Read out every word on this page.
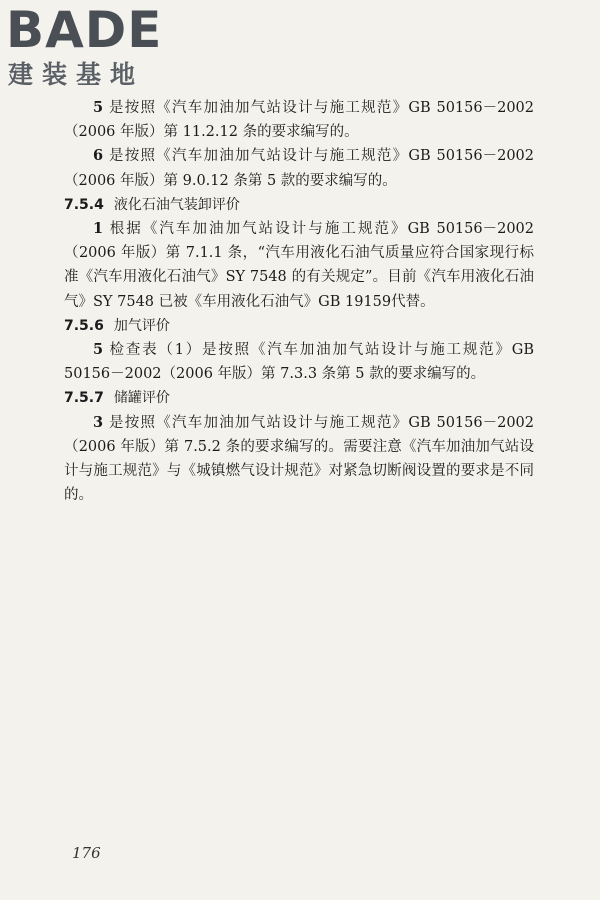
BADE
建装基地

5 是按照《汽车加油加气站设计与施工规范》GB 50156－2002（2006 年版）第 11.2.12 条的要求编写的。

6 是按照《汽车加油加气站设计与施工规范》GB 50156－2002（2006 年版）第 9.0.12 条第 5 款的要求编写的。

7.5.4 液化石油气装卸评价

1 根据《汽车加油加气站设计与施工规范》GB 50156－2002（2006 年版）第 7.1.1 条，“汽车用液化石油气质量应符合国家现行标准《汽车用液化石油气》SY 7548 的有关规定”。目前《汽车用液化石油气》SY 7548 已被《车用液化石油气》GB 19159代替。

7.5.6 加气评价

5 检查表（1）是按照《汽车加油加气站设计与施工规范》GB 50156－2002（2006 年版）第 7.3.3 条第 5 款的要求编写的。

7.5.7 储罐评价

3 是按照《汽车加油加气站设计与施工规范》GB 50156－2002（2006 年版）第 7.5.2 条的要求编写的。需要注意《汽车加油加气站设计与施工规范》与《城镇燃气设计规范》对紧急切断阀设置的要求是不同的。

176
